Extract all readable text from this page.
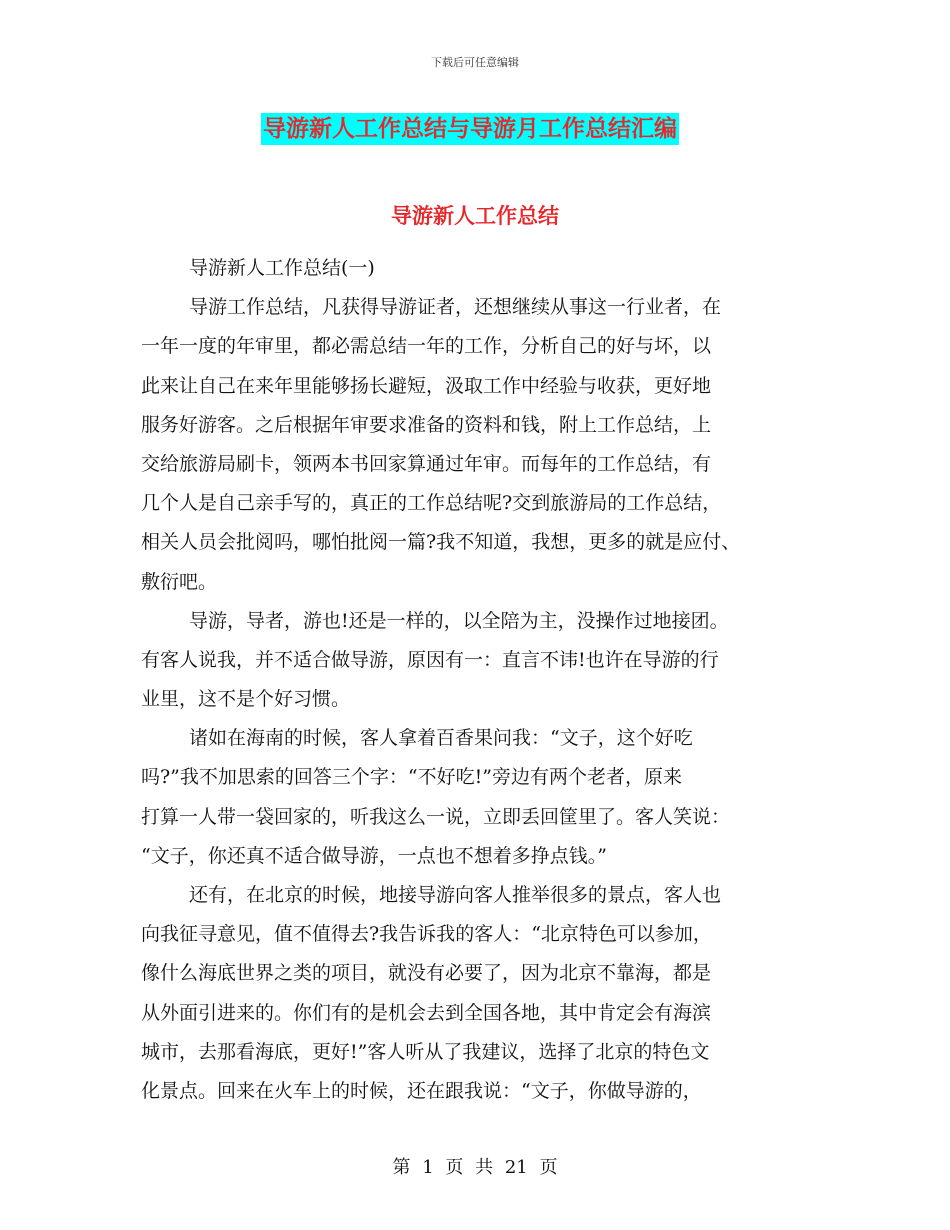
下载后可任意编辑
导游新人工作总结与导游月工作总结汇编
导游新人工作总结
导游新人工作总结(一)
导游工作总结，凡获得导游证者，还想继续从事这一行业者，在
一年一度的年审里，都必需总结一年的工作，分析自己的好与坏，以
此来让自己在来年里能够扬长避短，汲取工作中经验与收获，更好地
服务好游客。之后根据年审要求准备的资料和钱，附上工作总结，上
交给旅游局刷卡，领两本书回家算通过年审。而每年的工作总结，有
几个人是自己亲手写的，真正的工作总结呢?交到旅游局的工作总结，
相关人员会批阅吗，哪怕批阅一篇?我不知道，我想，更多的就是应付、
敷衍吧。
导游，导者，游也!还是一样的，以全陪为主，没操作过地接团。
有客人说我，并不适合做导游，原因有一：直言不讳!也许在导游的行
业里，这不是个好习惯。
诸如在海南的时候，客人拿着百香果问我：“文子，这个好吃
吗?”我不加思索的回答三个字：“不好吃!”旁边有两个老者，原来
打算一人带一袋回家的，听我这么一说，立即丢回筐里了。客人笑说：
“文子，你还真不适合做导游，一点也不想着多挣点钱。”
还有，在北京的时候，地接导游向客人推举很多的景点，客人也
向我征寻意见，值不值得去?我告诉我的客人：“北京特色可以参加，
像什么海底世界之类的项目，就没有必要了，因为北京不靠海，都是
从外面引进来的。你们有的是机会去到全国各地，其中肯定会有海滨
城市，去那看海底，更好!”客人听从了我建议，选择了北京的特色文
化景点。回来在火车上的时候，还在跟我说：“文子，你做导游的，
第 1 页 共 21 页
